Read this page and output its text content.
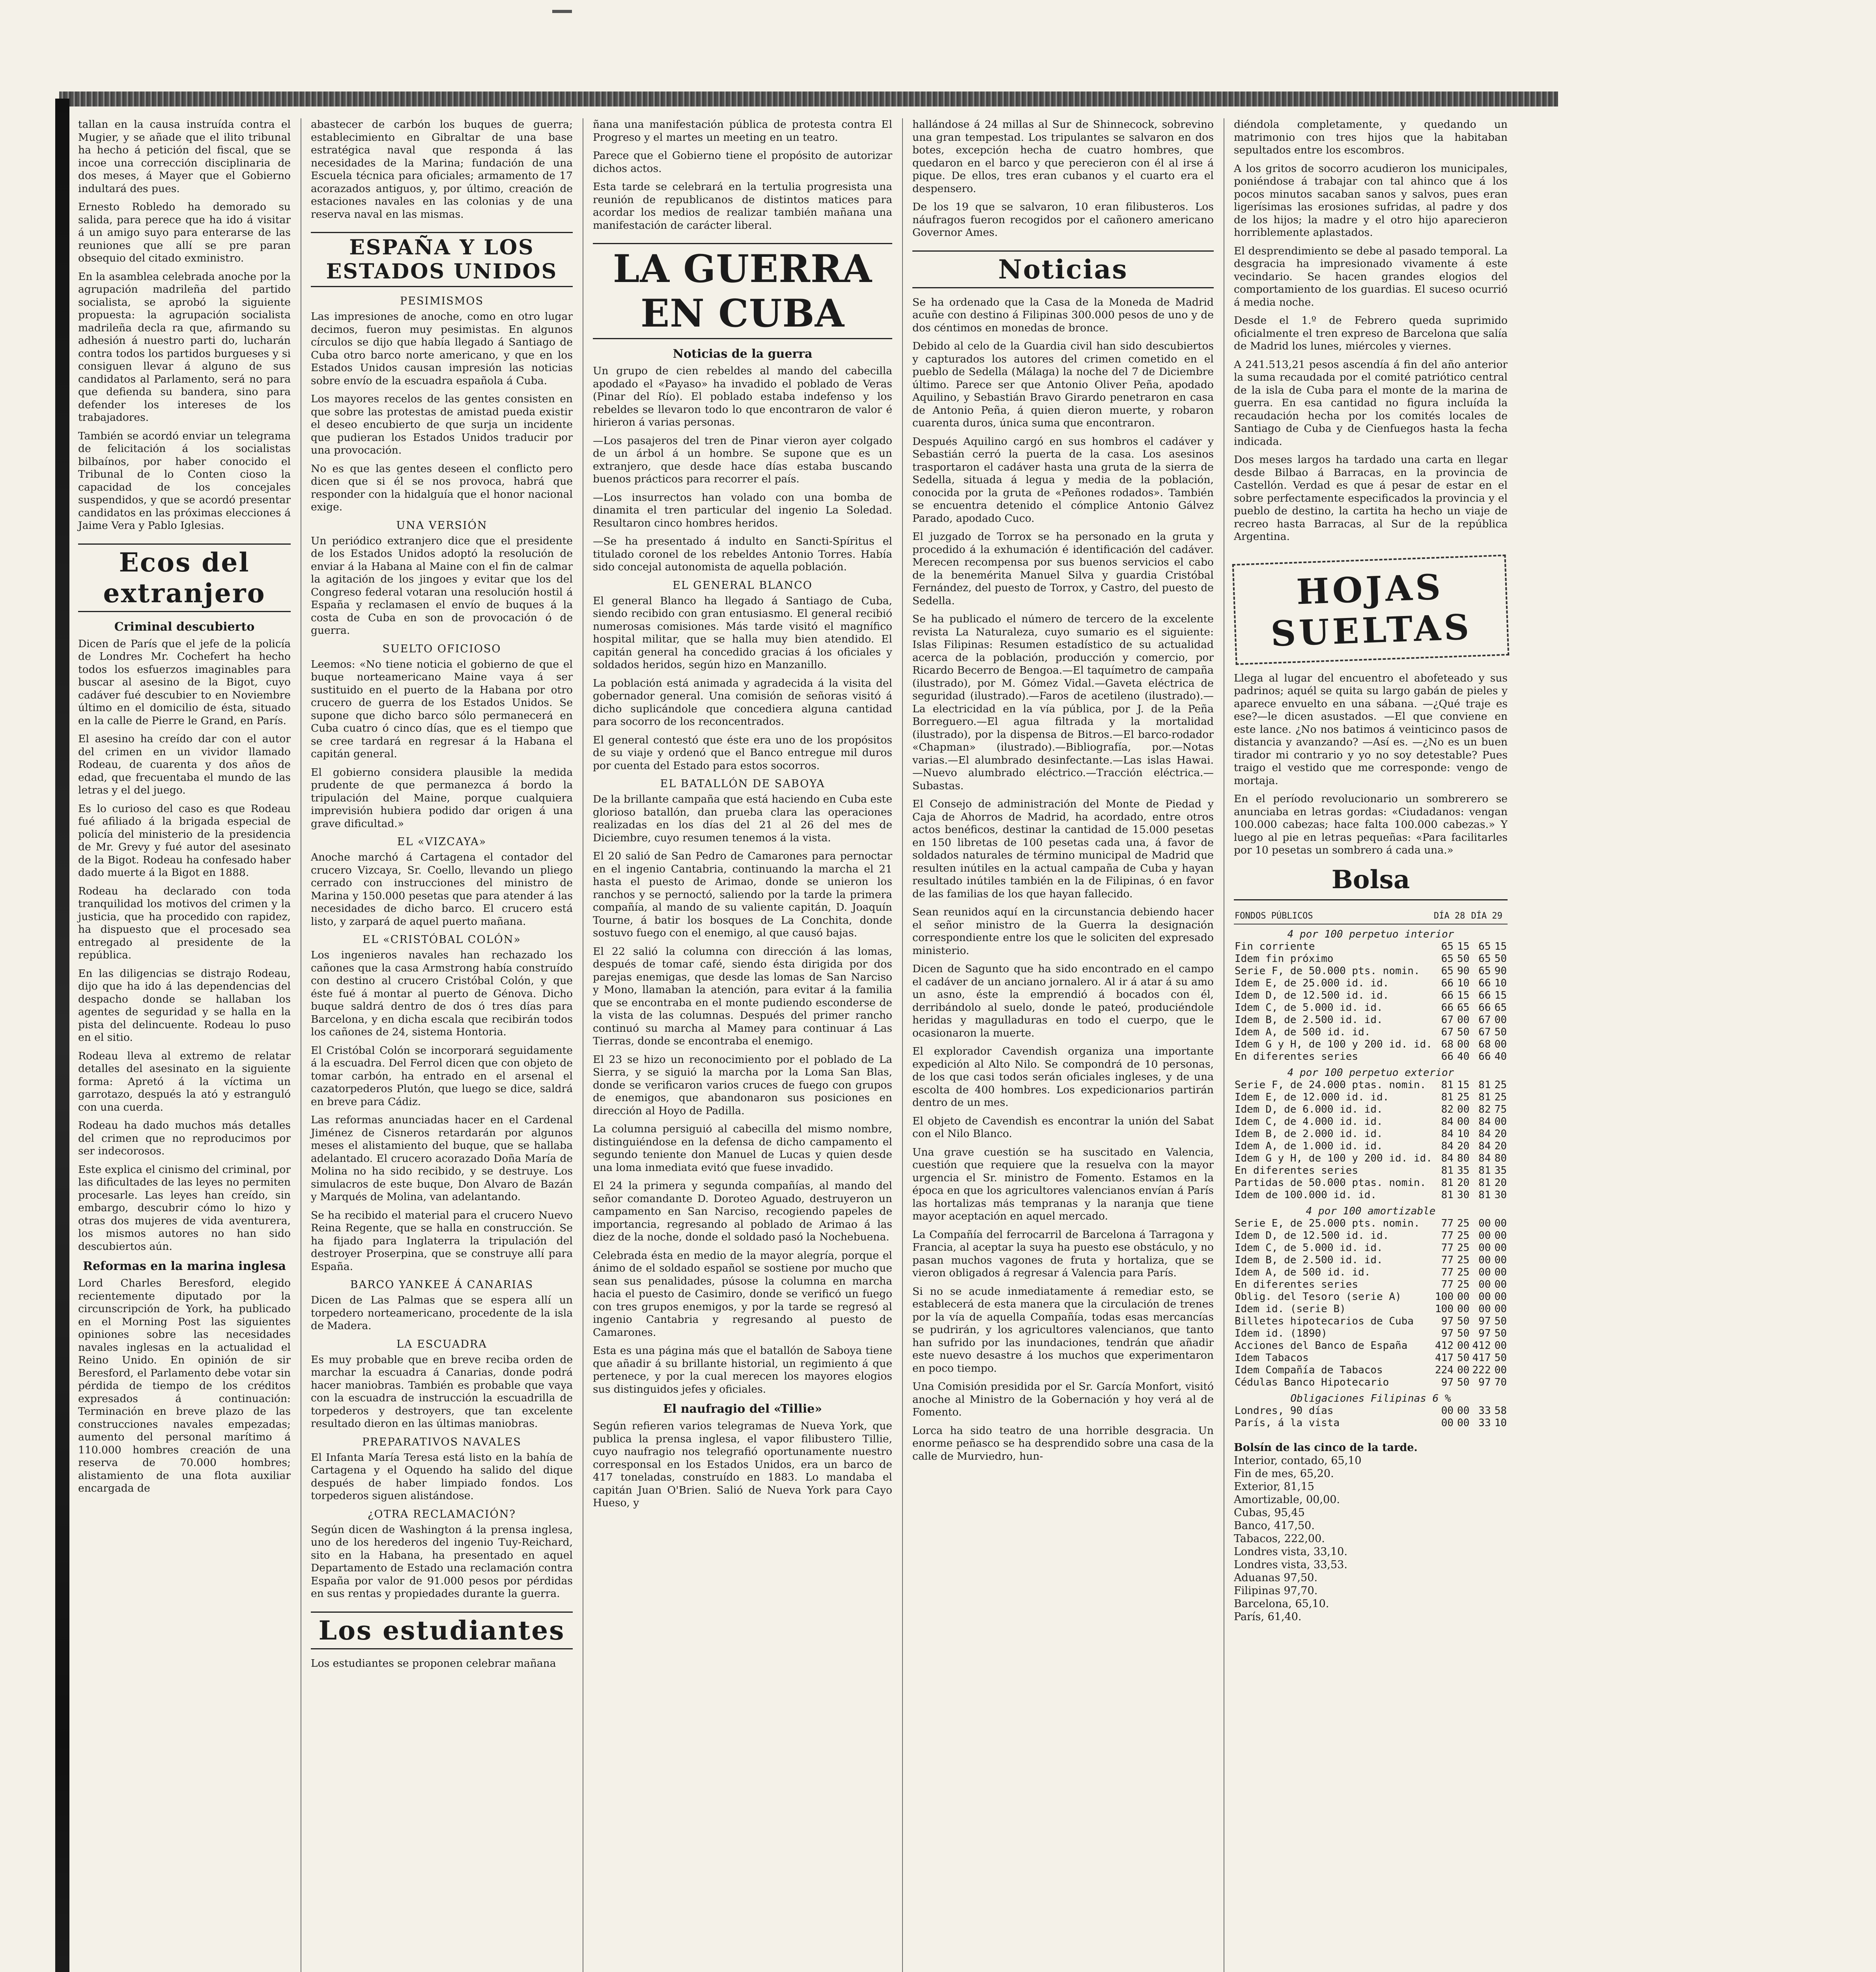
tallan en la causa instruída contra el Mugier, y se añade que el ilito tribunal ha hecho á petición del fiscal, que se incoe una corrección disciplinaria de dos meses, á Mayer que el Gobierno indultará des pues.

Ernesto Robledo ha demorado su salida, para perece que ha ido á visitar á un amigo suyo para enterarse de las reuniones que allí se pre paran obsequio del citado exministro.

En la asamblea celebrada anoche por la agrupación madrileña del partido socialista, se aprobó la siguiente propuesta: la agrupación socialista madrileña decla ra que, afirmando su adhesión á nuestro parti do, lucharán contra todos los partidos burgueses y si consiguen llevar á alguno de sus candidatos al Parlamento, será no para que defienda su bandera, sino para defender los intereses de los trabajadores.

También se acordó enviar un telegrama de felicitación á los socialistas bilbaínos, por haber conocido el Tribunal de lo Conten cioso la capacidad de los concejales suspendidos, y que se acordó presentar candidatos en las próximas elecciones á Jaime Vera y Pablo Iglesias.

Ecos del extranjero
Criminal descubierto

Dicen de París que el jefe de la policía de Londres Mr. Cochefert ha hecho todos los esfuerzos imaginables para buscar al asesino de la Bigot, cuyo cadáver fué descubier to en Noviembre último en el domicilio de ésta, situado en la calle de Pierre le Grand, en París.

El asesino ha creído dar con el autor del crimen en un vividor llamado Rodeau, de cuarenta y dos años de edad, que frecuentaba el mundo de las letras y el del juego.

Es lo curioso del caso es que Rodeau fué afiliado á la brigada especial de policía del ministerio de la presidencia de Mr. Grevy y fué autor del asesinato de la Bigot. Rodeau ha confesado haber dado muerte á la Bigot en 1888.

Rodeau ha declarado con toda tranquilidad los motivos del crimen y la justicia, que ha procedido con rapidez, ha dispuesto que el procesado sea entregado al presidente de la república.

En las diligencias se distrajo Rodeau, dijo que ha ido á las dependencias del despacho donde se hallaban los agentes de seguridad y se halla en la pista del delincuente. Rodeau lo puso en el sitio.

Rodeau lleva al extremo de relatar detalles del asesinato en la siguiente forma: Apretó á la víctima un garrotazo, después la ató y estranguló con una cuerda.

Rodeau ha dado muchos más detalles del crimen que no reproducimos por ser indecorosos.

Este explica el cinismo del criminal, por las dificultades de las leyes no permiten procesarle. Las leyes han creído, sin embargo, descubrir cómo lo hizo y otras dos mujeres de vida aventurera, los mismos autores no han sido descubiertos aún.

Reformas en la marina inglesa

Lord Charles Beresford, elegido recientemente diputado por la circunscripción de York, ha publicado en el Morning Post las siguientes opiniones sobre las necesidades navales inglesas en la actualidad el Reino Unido. En opinión de sir Beresford, el Parlamento debe votar sin pérdida de tiempo de los créditos expresados á continuación: Terminación en breve plazo de las construcciones navales empezadas; aumento del personal marítimo á 110.000 hombres creación de una reserva de 70.000 hombres; alistamiento de una flota auxiliar encargada de

abastecer de carbón los buques de guerra; establecimiento en Gibraltar de una base estratégica naval que responda á las necesidades de la Marina; fundación de una Escuela técnica para oficiales; armamento de 17 acorazados antiguos, y, por último, creación de estaciones navales en las colonias y de una reserva naval en las mismas.

ESPAÑA Y LOS ESTADOS UNIDOS
PESIMISMOS

Las impresiones de anoche, como en otro lugar decimos, fueron muy pesimistas. En algunos círculos se dijo que había llegado á Santiago de Cuba otro barco norte americano, y que en los Estados Unidos causan impresión las noticias sobre envío de la escuadra española á Cuba.

Los mayores recelos de las gentes consisten en que sobre las protestas de amistad pueda existir el deseo encubierto de que surja un incidente que pudieran los Estados Unidos traducir por una provocación.

No es que las gentes deseen el conflicto pero dicen que si él se nos provoca, habrá que responder con la hidalguía que el honor nacional exige.

UNA VERSIÓN

Un periódico extranjero dice que el presidente de los Estados Unidos adoptó la resolución de enviar á la Habana al Maine con el fin de calmar la agitación de los jingoes y evitar que los del Congreso federal votaran una resolución hostil á España y reclamasen el envío de buques á la costa de Cuba en son de provocación ó de guerra.

SUELTO OFICIOSO

Leemos: «No tiene noticia el gobierno de que el buque norteamericano Maine vaya á ser sustituido en el puerto de la Habana por otro crucero de guerra de los Estados Unidos. Se supone que dicho barco sólo permanecerá en Cuba cuatro ó cinco días, que es el tiempo que se cree tardará en regresar á la Habana el capitán general.

El gobierno considera plausible la medida prudente de que permanezca á bordo la tripulación del Maine, porque cualquiera imprevisión hubiera podido dar origen á una grave dificultad.»

EL «VIZCAYA»

Anoche marchó á Cartagena el contador del crucero Vizcaya, Sr. Coello, llevando un pliego cerrado con instrucciones del ministro de Marina y 150.000 pesetas que para atender á las necesidades de dicho barco. El crucero está listo, y zarpará de aquel puerto mañana.

EL «CRISTÓBAL COLÓN»

Los ingenieros navales han rechazado los cañones que la casa Armstrong había construído con destino al crucero Cristóbal Colón, y que éste fué á montar al puerto de Génova. Dicho buque saldrá dentro de dos ó tres días para Barcelona, y en dicha escala que recibirán todos los cañones de 24, sistema Hontoria.

El Cristóbal Colón se incorporará seguidamente á la escuadra. Del Ferrol dicen que con objeto de tomar carbón, ha entrado en el arsenal el cazatorpederos Plutón, que luego se dice, saldrá en breve para Cádiz.

Las reformas anunciadas hacer en el Cardenal Jiménez de Cisneros retardarán por algunos meses el alistamiento del buque, que se hallaba adelantado. El crucero acorazado Doña María de Molina no ha sido recibido, y se destruye. Los simulacros de este buque, Don Alvaro de Bazán y Marqués de Molina, van adelantando.

Se ha recibido el material para el crucero Nuevo Reina Regente, que se halla en construcción. Se ha fijado para Inglaterra la tripulación del destroyer Proserpina, que se construye allí para España.

BARCO YANKEE Á CANARIAS

Dicen de Las Palmas que se espera allí un torpedero norteamericano, procedente de la isla de Madera.

LA ESCUADRA

Es muy probable que en breve reciba orden de marchar la escuadra á Canarias, donde podrá hacer maniobras. También es probable que vaya con la escuadra de instrucción la escuadrilla de torpederos y destroyers, que tan excelente resultado dieron en las últimas maniobras.

PREPARATIVOS NAVALES

El Infanta María Teresa está listo en la bahía de Cartagena y el Oquendo ha salido del dique después de haber limpiado fondos. Los torpederos siguen alistándose.

¿OTRA RECLAMACIÓN?

Según dicen de Washington á la prensa inglesa, uno de los herederos del ingenio Tuy-Reichard, sito en la Habana, ha presentado en aquel Departamento de Estado una reclamación contra España por valor de 91.000 pesos por pérdidas en sus rentas y propiedades durante la guerra.

Los estudiantes

Los estudiantes se proponen celebrar mañana

ñana una manifestación pública de protesta contra El Progreso y el martes un meeting en un teatro.

Parece que el Gobierno tiene el propósito de autorizar dichos actos.

Esta tarde se celebrará en la tertulia progresista una reunión de republicanos de distintos matices para acordar los medios de realizar también mañana una manifestación de carácter liberal.

LA GUERRA EN CUBA
Noticias de la guerra

Un grupo de cien rebeldes al mando del cabecilla apodado el «Payaso» ha invadido el poblado de Veras (Pinar del Río). El poblado estaba indefenso y los rebeldes se llevaron todo lo que encontraron de valor é hirieron á varias personas.

—Los pasajeros del tren de Pinar vieron ayer colgado de un árbol á un hombre. Se supone que es un extranjero, que desde hace días estaba buscando buenos prácticos para recorrer el país.

—Los insurrectos han volado con una bomba de dinamita el tren particular del ingenio La Soledad. Resultaron cinco hombres heridos.

—Se ha presentado á indulto en Sancti-Spíritus el titulado coronel de los rebeldes Antonio Torres. Había sido concejal autonomista de aquella población.

EL GENERAL BLANCO

El general Blanco ha llegado á Santiago de Cuba, siendo recibido con gran entusiasmo. El general recibió numerosas comisiones. Más tarde visitó el magnífico hospital militar, que se halla muy bien atendido. El capitán general ha concedido gracias á los oficiales y soldados heridos, según hizo en Manzanillo.

La población está animada y agradecida á la visita del gobernador general. Una comisión de señoras visitó á dicho suplicándole que concediera alguna cantidad para socorro de los reconcentrados.

El general contestó que éste era uno de los propósitos de su viaje y ordenó que el Banco entregue mil duros por cuenta del Estado para estos socorros.

EL BATALLÓN DE SABOYA

De la brillante campaña que está haciendo en Cuba este glorioso batallón, dan prueba clara las operaciones realizadas en los días del 21 al 26 del mes de Diciembre, cuyo resumen tenemos á la vista.

El 20 salió de San Pedro de Camarones para pernoctar en el ingenio Cantabria, continuando la marcha el 21 hasta el puesto de Arimao, donde se unieron los ranchos y se pernoctó, saliendo por la tarde la primera compañía, al mando de su valiente capitán, D. Joaquín Tourne, á batir los bosques de La Conchita, donde sostuvo fuego con el enemigo, al que causó bajas.

El 22 salió la columna con dirección á las lomas, después de tomar café, siendo ésta dirigida por dos parejas enemigas, que desde las lomas de San Narciso y Mono, llamaban la atención, para evitar á la familia que se encontraba en el monte pudiendo esconderse de la vista de las columnas. Después del primer rancho continuó su marcha al Mamey para continuar á Las Tierras, donde se encontraba el enemigo.

El 23 se hizo un reconocimiento por el poblado de La Sierra, y se siguió la marcha por la Loma San Blas, donde se verificaron varios cruces de fuego con grupos de enemigos, que abandonaron sus posiciones en dirección al Hoyo de Padilla.

La columna persiguió al cabecilla del mismo nombre, distinguiéndose en la defensa de dicho campamento el segundo teniente don Manuel de Lucas y quien desde una loma inmediata evitó que fuese invadido.

El 24 la primera y segunda compañías, al mando del señor comandante D. Doroteo Aguado, destruyeron un campamento en San Narciso, recogiendo papeles de importancia, regresando al poblado de Arimao á las diez de la noche, donde el soldado pasó la Nochebuena.

Celebrada ésta en medio de la mayor alegría, porque el ánimo de el soldado español se sostiene por mucho que sean sus penalidades, púsose la columna en marcha hacia el puesto de Casimiro, donde se verificó un fuego con tres grupos enemigos, y por la tarde se regresó al ingenio Cantabria y regresando al puesto de Camarones.

Esta es una página más que el batallón de Saboya tiene que añadir á su brillante historial, un regimiento á que pertenece, y por la cual merecen los mayores elogios sus distinguidos jefes y oficiales.

El naufragio del «Tillie»

Según refieren varios telegramas de Nueva York, que publica la prensa inglesa, el vapor filibustero Tillie, cuyo naufragio nos telegrafió oportunamente nuestro corresponsal en los Estados Unidos, era un barco de 417 toneladas, construído en 1883. Lo mandaba el capitán Juan O'Brien. Salió de Nueva York para Cayo Hueso, y

hallándose á 24 millas al Sur de Shinnecock, sobrevino una gran tempestad. Los tripulantes se salvaron en dos botes, excepción hecha de cuatro hombres, que quedaron en el barco y que perecieron con él al irse á pique. De ellos, tres eran cubanos y el cuarto era el despensero.

De los 19 que se salvaron, 10 eran filibusteros. Los náufragos fueron recogidos por el cañonero americano Governor Ames.

Noticias

Se ha ordenado que la Casa de la Moneda de Madrid acuñe con destino á Filipinas 300.000 pesos de uno y de dos céntimos en monedas de bronce.

Debido al celo de la Guardia civil han sido descubiertos y capturados los autores del crimen cometido en el pueblo de Sedella (Málaga) la noche del 7 de Diciembre último. Parece ser que Antonio Oliver Peña, apodado Aquilino, y Sebastián Bravo Girardo penetraron en casa de Antonio Peña, á quien dieron muerte, y robaron cuarenta duros, única suma que encontraron.

Después Aquilino cargó en sus hombros el cadáver y Sebastián cerró la puerta de la casa. Los asesinos trasportaron el cadáver hasta una gruta de la sierra de Sedella, situada á legua y media de la población, conocida por la gruta de «Peñones rodados». También se encuentra detenido el cómplice Antonio Gálvez Parado, apodado Cuco.

El juzgado de Torrox se ha personado en la gruta y procedido á la exhumación é identificación del cadáver. Merecen recompensa por sus buenos servicios el cabo de la benemérita Manuel Silva y guardia Cristóbal Fernández, del puesto de Torrox, y Castro, del puesto de Sedella.

Se ha publicado el número de tercero de la excelente revista La Naturaleza, cuyo sumario es el siguiente: Islas Filipinas: Resumen estadístico de su actualidad acerca de la población, producción y comercio, por Ricardo Becerro de Bengoa.—El taquímetro de campaña (ilustrado), por M. Gómez Vidal.—Gaveta eléctrica de seguridad (ilustrado).—Faros de acetileno (ilustrado).—La electricidad en la vía pública, por J. de la Peña Borreguero.—El agua filtrada y la mortalidad (ilustrado), por la dispensa de Bitros.—El barco-rodador «Chapman» (ilustrado).—Bibliografía, por.—Notas varias.—El alumbrado desinfectante.—Las islas Hawai.—Nuevo alumbrado eléctrico.—Tracción eléctrica.—Subastas.

El Consejo de administración del Monte de Piedad y Caja de Ahorros de Madrid, ha acordado, entre otros actos benéficos, destinar la cantidad de 15.000 pesetas en 150 libretas de 100 pesetas cada una, á favor de soldados naturales de término municipal de Madrid que resulten inútiles en la actual campaña de Cuba y hayan resultado inútiles también en la de Filipinas, ó en favor de las familias de los que hayan fallecido.

Sean reunidos aquí en la circunstancia debiendo hacer el señor ministro de la Guerra la designación correspondiente entre los que le soliciten del expresado ministerio.

Dicen de Sagunto que ha sido encontrado en el campo el cadáver de un anciano jornalero. Al ir á atar á su amo un asno, éste la emprendió á bocados con él, derribándolo al suelo, donde le pateó, produciéndole heridas y magulladuras en todo el cuerpo, que le ocasionaron la muerte.

El explorador Cavendish organiza una importante expedición al Alto Nilo. Se compondrá de 10 personas, de los que casi todos serán oficiales ingleses, y de una escolta de 400 hombres. Los expedicionarios partirán dentro de un mes.

El objeto de Cavendish es encontrar la unión del Sabat con el Nilo Blanco.

Una grave cuestión se ha suscitado en Valencia, cuestión que requiere que la resuelva con la mayor urgencia el Sr. ministro de Fomento. Estamos en la época en que los agricultores valencianos envían á París las hortalizas más tempranas y la naranja que tiene mayor aceptación en aquel mercado.

La Compañía del ferrocarril de Barcelona á Tarragona y Francia, al aceptar la suya ha puesto ese obstáculo, y no pasan muchos vagones de fruta y hortaliza, que se vieron obligados á regresar á Valencia para París.

Si no se acude inmediatamente á remediar esto, se establecerá de esta manera que la circulación de trenes por la vía de aquella Compañía, todas esas mercancías se pudrirán, y los agricultores valencianos, que tanto han sufrido por las inundaciones, tendrán que añadir este nuevo desastre á los muchos que experimentaron en poco tiempo.

Una Comisión presidida por el Sr. García Monfort, visitó anoche al Ministro de la Gobernación y hoy verá al de Fomento.

Lorca ha sido teatro de una horrible desgracia. Un enorme peñasco se ha desprendido sobre una casa de la calle de Murviedro, hun-

diéndola completamente, y quedando un matrimonio con tres hijos que la habitaban sepultados entre los escombros.

A los gritos de socorro acudieron los municipales, poniéndose á trabajar con tal ahinco que á los pocos minutos sacaban sanos y salvos, pues eran ligerísimas las erosiones sufridas, al padre y dos de los hijos; la madre y el otro hijo aparecieron horriblemente aplastados.

El desprendimiento se debe al pasado temporal. La desgracia ha impresionado vivamente á este vecindario. Se hacen grandes elogios del comportamiento de los guardias. El suceso ocurrió á media noche.

Desde el 1.º de Febrero queda suprimido oficialmente el tren expreso de Barcelona que salía de Madrid los lunes, miércoles y viernes.

A 241.513,21 pesos ascendía á fin del año anterior la suma recaudada por el comité patriótico central de la isla de Cuba para el monte de la marina de guerra. En esa cantidad no figura incluída la recaudación hecha por los comités locales de Santiago de Cuba y de Cienfuegos hasta la fecha indicada.

Dos meses largos ha tardado una carta en llegar desde Bilbao á Barracas, en la provincia de Castellón. Verdad es que á pesar de estar en el sobre perfectamente especificados la provincia y el pueblo de destino, la cartita ha hecho un viaje de recreo hasta Barracas, al Sur de la república Argentina.

HOJAS SUELTAS

Llega al lugar del encuentro el abofeteado y sus padrinos; aquél se quita su largo gabán de pieles y aparece envuelto en una sábana. —¿Qué traje es ese?—le dicen asustados. —El que conviene en este lance. ¿No nos batimos á veinticinco pasos de distancia y avanzando? —Así es. —¿No es un buen tirador mi contrario y yo no soy detestable? Pues traigo el vestido que me corresponde: vengo de mortaja.

En el período revolucionario un sombrerero se anunciaba en letras gordas: «Ciudadanos: vengan 100.000 cabezas; hace falta 100.000 cabezas.» Y luego al pie en letras pequeñas: «Para facilitarles por 10 pesetas un sombrero á cada una.»

Bolsa
FONDOS PÚBLICOS	DÍA 28		DÍA 29	
4 por 100 perpetuo interior				
Fin corriente	65	15	65	15
Idem fin próximo	65	50	65	50
Serie F, de 50.000 pts. nomin.	65	90	65	90
Idem E, de 25.000 id. id.	66	10	66	10
Idem D, de 12.500 id. id.	66	15	66	15
Idem C, de 5.000 id. id.	66	65	66	65
Idem B, de 2.500 id. id.	67	00	67	00
Idem A, de 500 id. id.	67	50	67	50
Idem G y H, de 100 y 200 id. id.	68	00	68	00
En diferentes series	66	40	66	40
4 por 100 perpetuo exterior				
Serie F, de 24.000 ptas. nomin.	81	15	81	25
Idem E, de 12.000 id. id.	81	25	81	25
Idem D, de 6.000 id. id.	82	00	82	75
Idem C, de 4.000 id. id.	84	00	84	00
Idem B, de 2.000 id. id.	84	10	84	20
Idem A, de 1.000 id. id.	84	20	84	20
Idem G y H, de 100 y 200 id. id.	84	80	84	80
En diferentes series	81	35	81	35
Partidas de 50.000 ptas. nomin.	81	20	81	20
Idem de 100.000 id. id.	81	30	81	30
4 por 100 amortizable				
Serie E, de 25.000 pts. nomin.	77	25	00	00
Idem D, de 12.500 id. id.	77	25	00	00
Idem C, de 5.000 id. id.	77	25	00	00
Idem B, de 2.500 id. id.	77	25	00	00
Idem A, de 500 id. id.	77	25	00	00
En diferentes series	77	25	00	00
Oblig. del Tesoro (serie A)	100	00	00	00
Idem id. (serie B)	100	00	00	00
Billetes hipotecarios de Cuba	97	50	97	50
Idem id. (1890)	97	50	97	50
Acciones del Banco de España	412	00	412	00
Idem Tabacos	417	50	417	50
Idem Compañía de Tabacos	224	00	222	00
Cédulas Banco Hipotecario	97	50	97	70
Obligaciones Filipinas 6 %				
Londres, 90 días	00	00	33	58
París, á la vista	00	00	33	10

Bolsín de las cinco de la tarde.

Interior, contado, 65,10

Fin de mes, 65,20.

Exterior, 81,15

Amortizable, 00,00.

Cubas, 95,45

Banco, 417,50.

Tabacos, 222,00.

Londres vista, 33,10.

Londres vista, 33,53.

Aduanas 97,50.

Filipinas 97,70.

Barcelona, 65,10.

París, 61,40.
